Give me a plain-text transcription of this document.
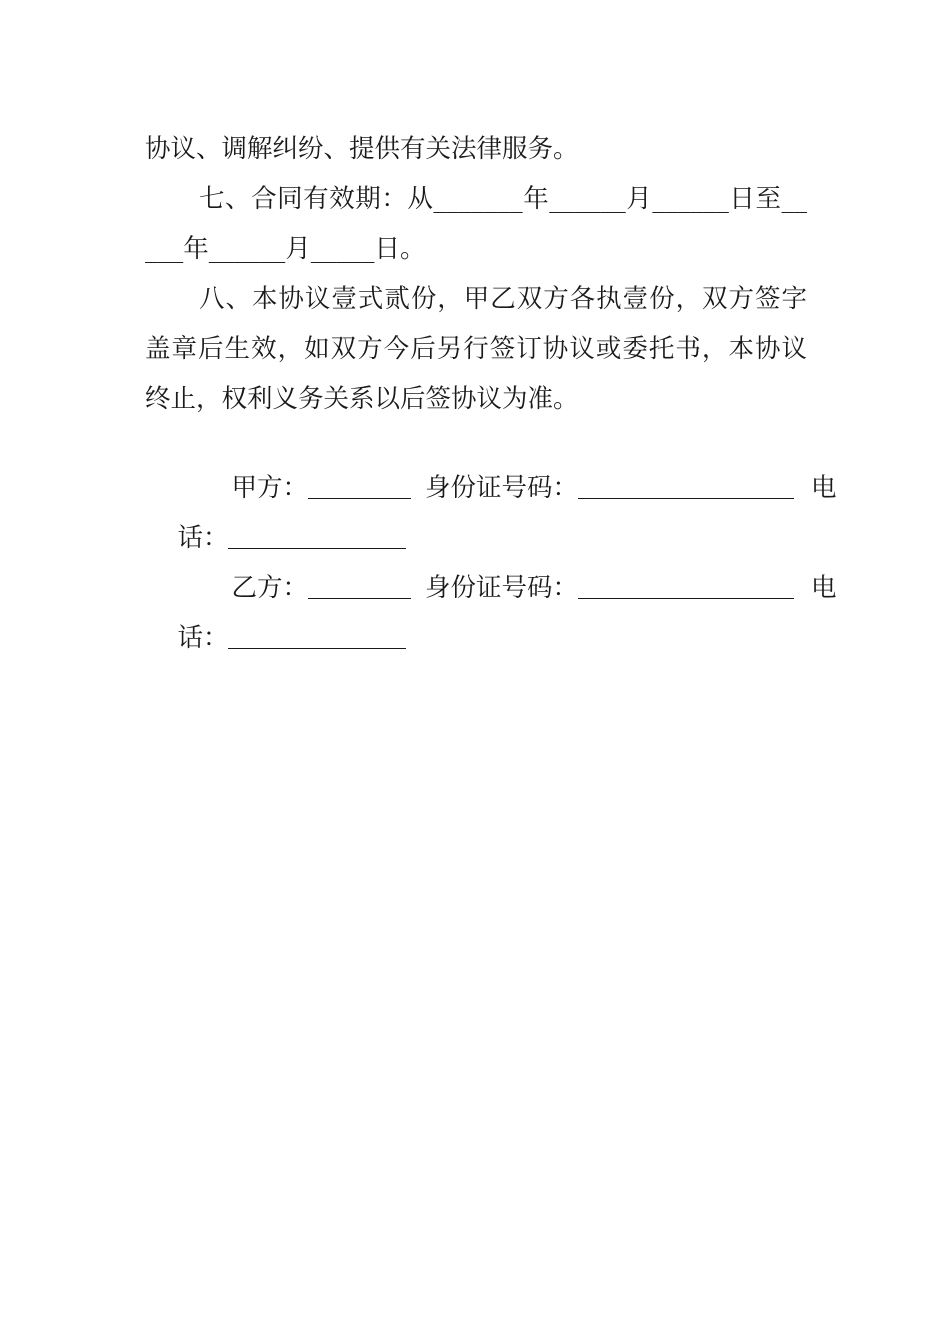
协议、调解纠纷、提供有关法律服务。
七、合同有效期：从_______年______月______日至__
___年______月_____日。
八、本协议壹式贰份，甲乙双方各执壹份，双方签字
盖章后生效，如双方今后另行签订协议或委托书，本协议
终止，权利义务关系以后签协议为准。

甲方：	身份证号码：	电

话：

乙方：	身份证号码：	电

话：
